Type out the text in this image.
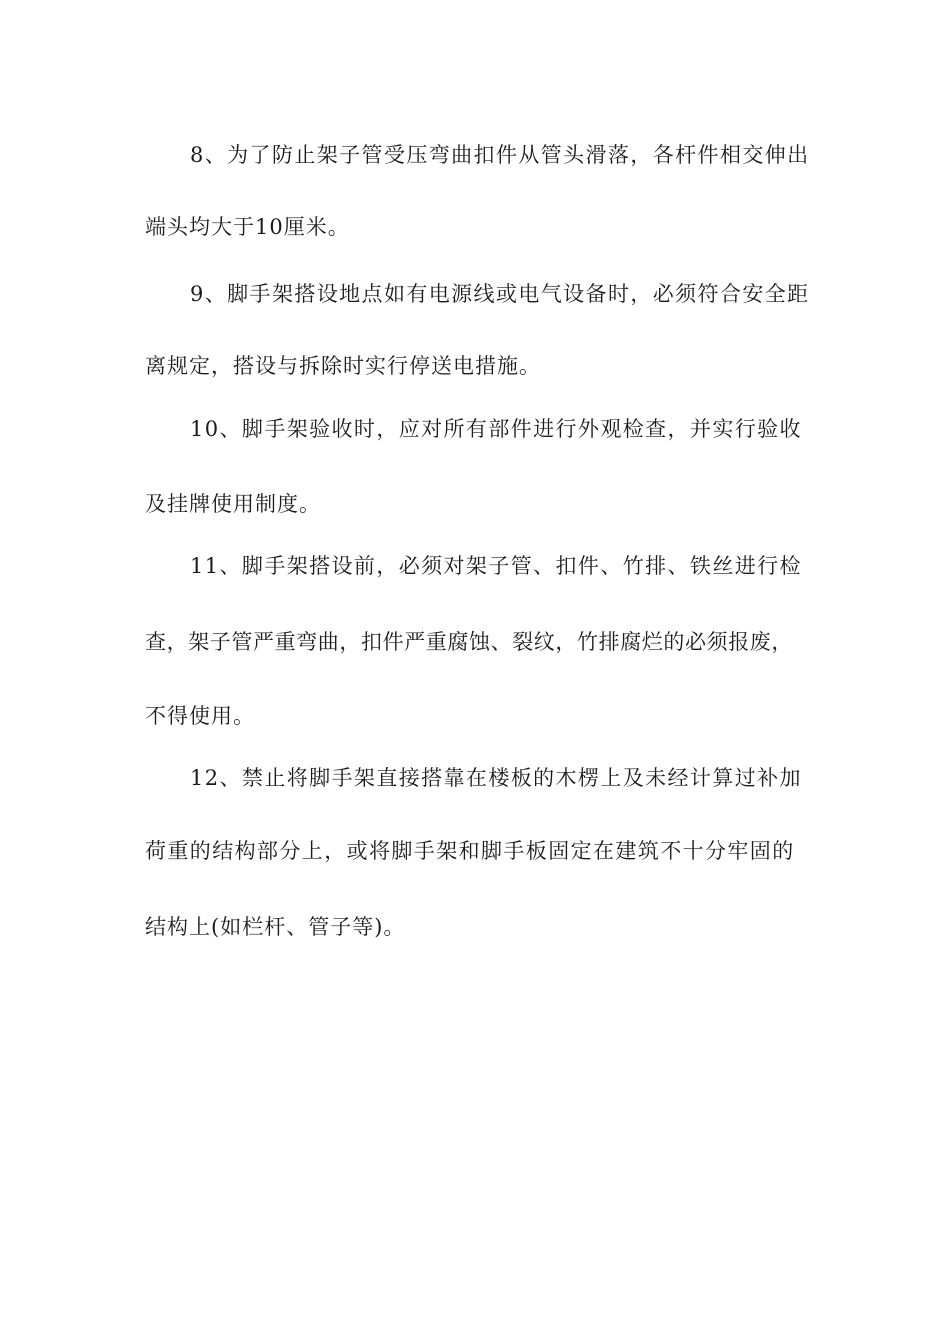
8、为了防止架子管受压弯曲扣件从管头滑落，各杆件相交伸出
端头均大于10厘米。
9、脚手架搭设地点如有电源线或电气设备时，必须符合安全距
离规定，搭设与拆除时实行停送电措施。
10、脚手架验收时，应对所有部件进行外观检查，并实行验收
及挂牌使用制度。
11、脚手架搭设前，必须对架子管、扣件、竹排、铁丝进行检
查，架子管严重弯曲，扣件严重腐蚀、裂纹，竹排腐烂的必须报废，
不得使用。
12、禁止将脚手架直接搭靠在楼板的木楞上及未经计算过补加
荷重的结构部分上，或将脚手架和脚手板固定在建筑不十分牢固的
结构上(如栏杆、管子等)。
